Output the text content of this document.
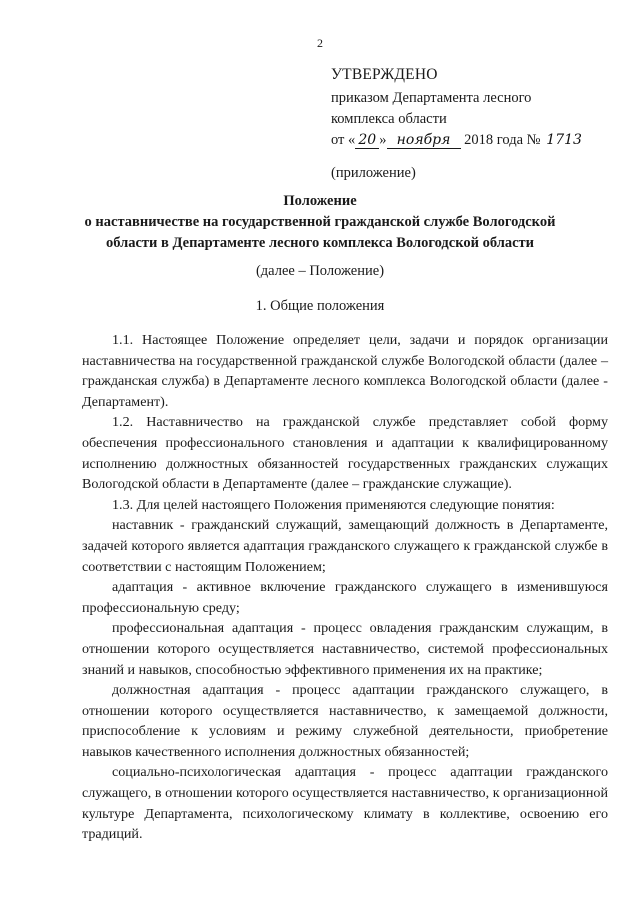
2
УТВЕРЖДЕНО
приказом Департамента лесного
комплекса области
от « 20 » ноября 2018 года № 1713
(приложение)
Положение
о наставничестве на государственной гражданской службе Вологодской
области в Департаменте лесного комплекса Вологодской области
(далее – Положение)
1. Общие положения

1.1. Настоящее Положение определяет цели, задачи и порядок организации наставничества на государственной гражданской службе Вологодской области (далее – гражданская служба) в Департаменте лесного комплекса Вологодской области (далее - Департамент).

1.2. Наставничество на гражданской службе представляет собой форму обеспечения профессионального становления и адаптации к квалифицированному исполнению должностных обязанностей государственных гражданских служащих Вологодской области в Департаменте (далее – гражданские служащие).

1.3. Для целей настоящего Положения применяются следующие понятия:

наставник - гражданский служащий, замещающий должность в Департаменте, задачей которого является адаптация гражданского служащего к гражданской службе в соответствии с настоящим Положением;

адаптация - активное включение гражданского служащего в изменившуюся профессиональную среду;

профессиональная адаптация - процесс овладения гражданским служащим, в отношении которого осуществляется наставничество, системой профессиональных знаний и навыков, способностью эффективного применения их на практике;

должностная адаптация - процесс адаптации гражданского служащего, в отношении которого осуществляется наставничество, к замещаемой должности, приспособление к условиям и режиму служебной деятельности, приобретение навыков качественного исполнения должностных обязанностей;

социально-психологическая адаптация - процесс адаптации гражданского служащего, в отношении которого осуществляется наставничество, к организационной культуре Департамента, психологическому климату в коллективе, освоению его традиций.
